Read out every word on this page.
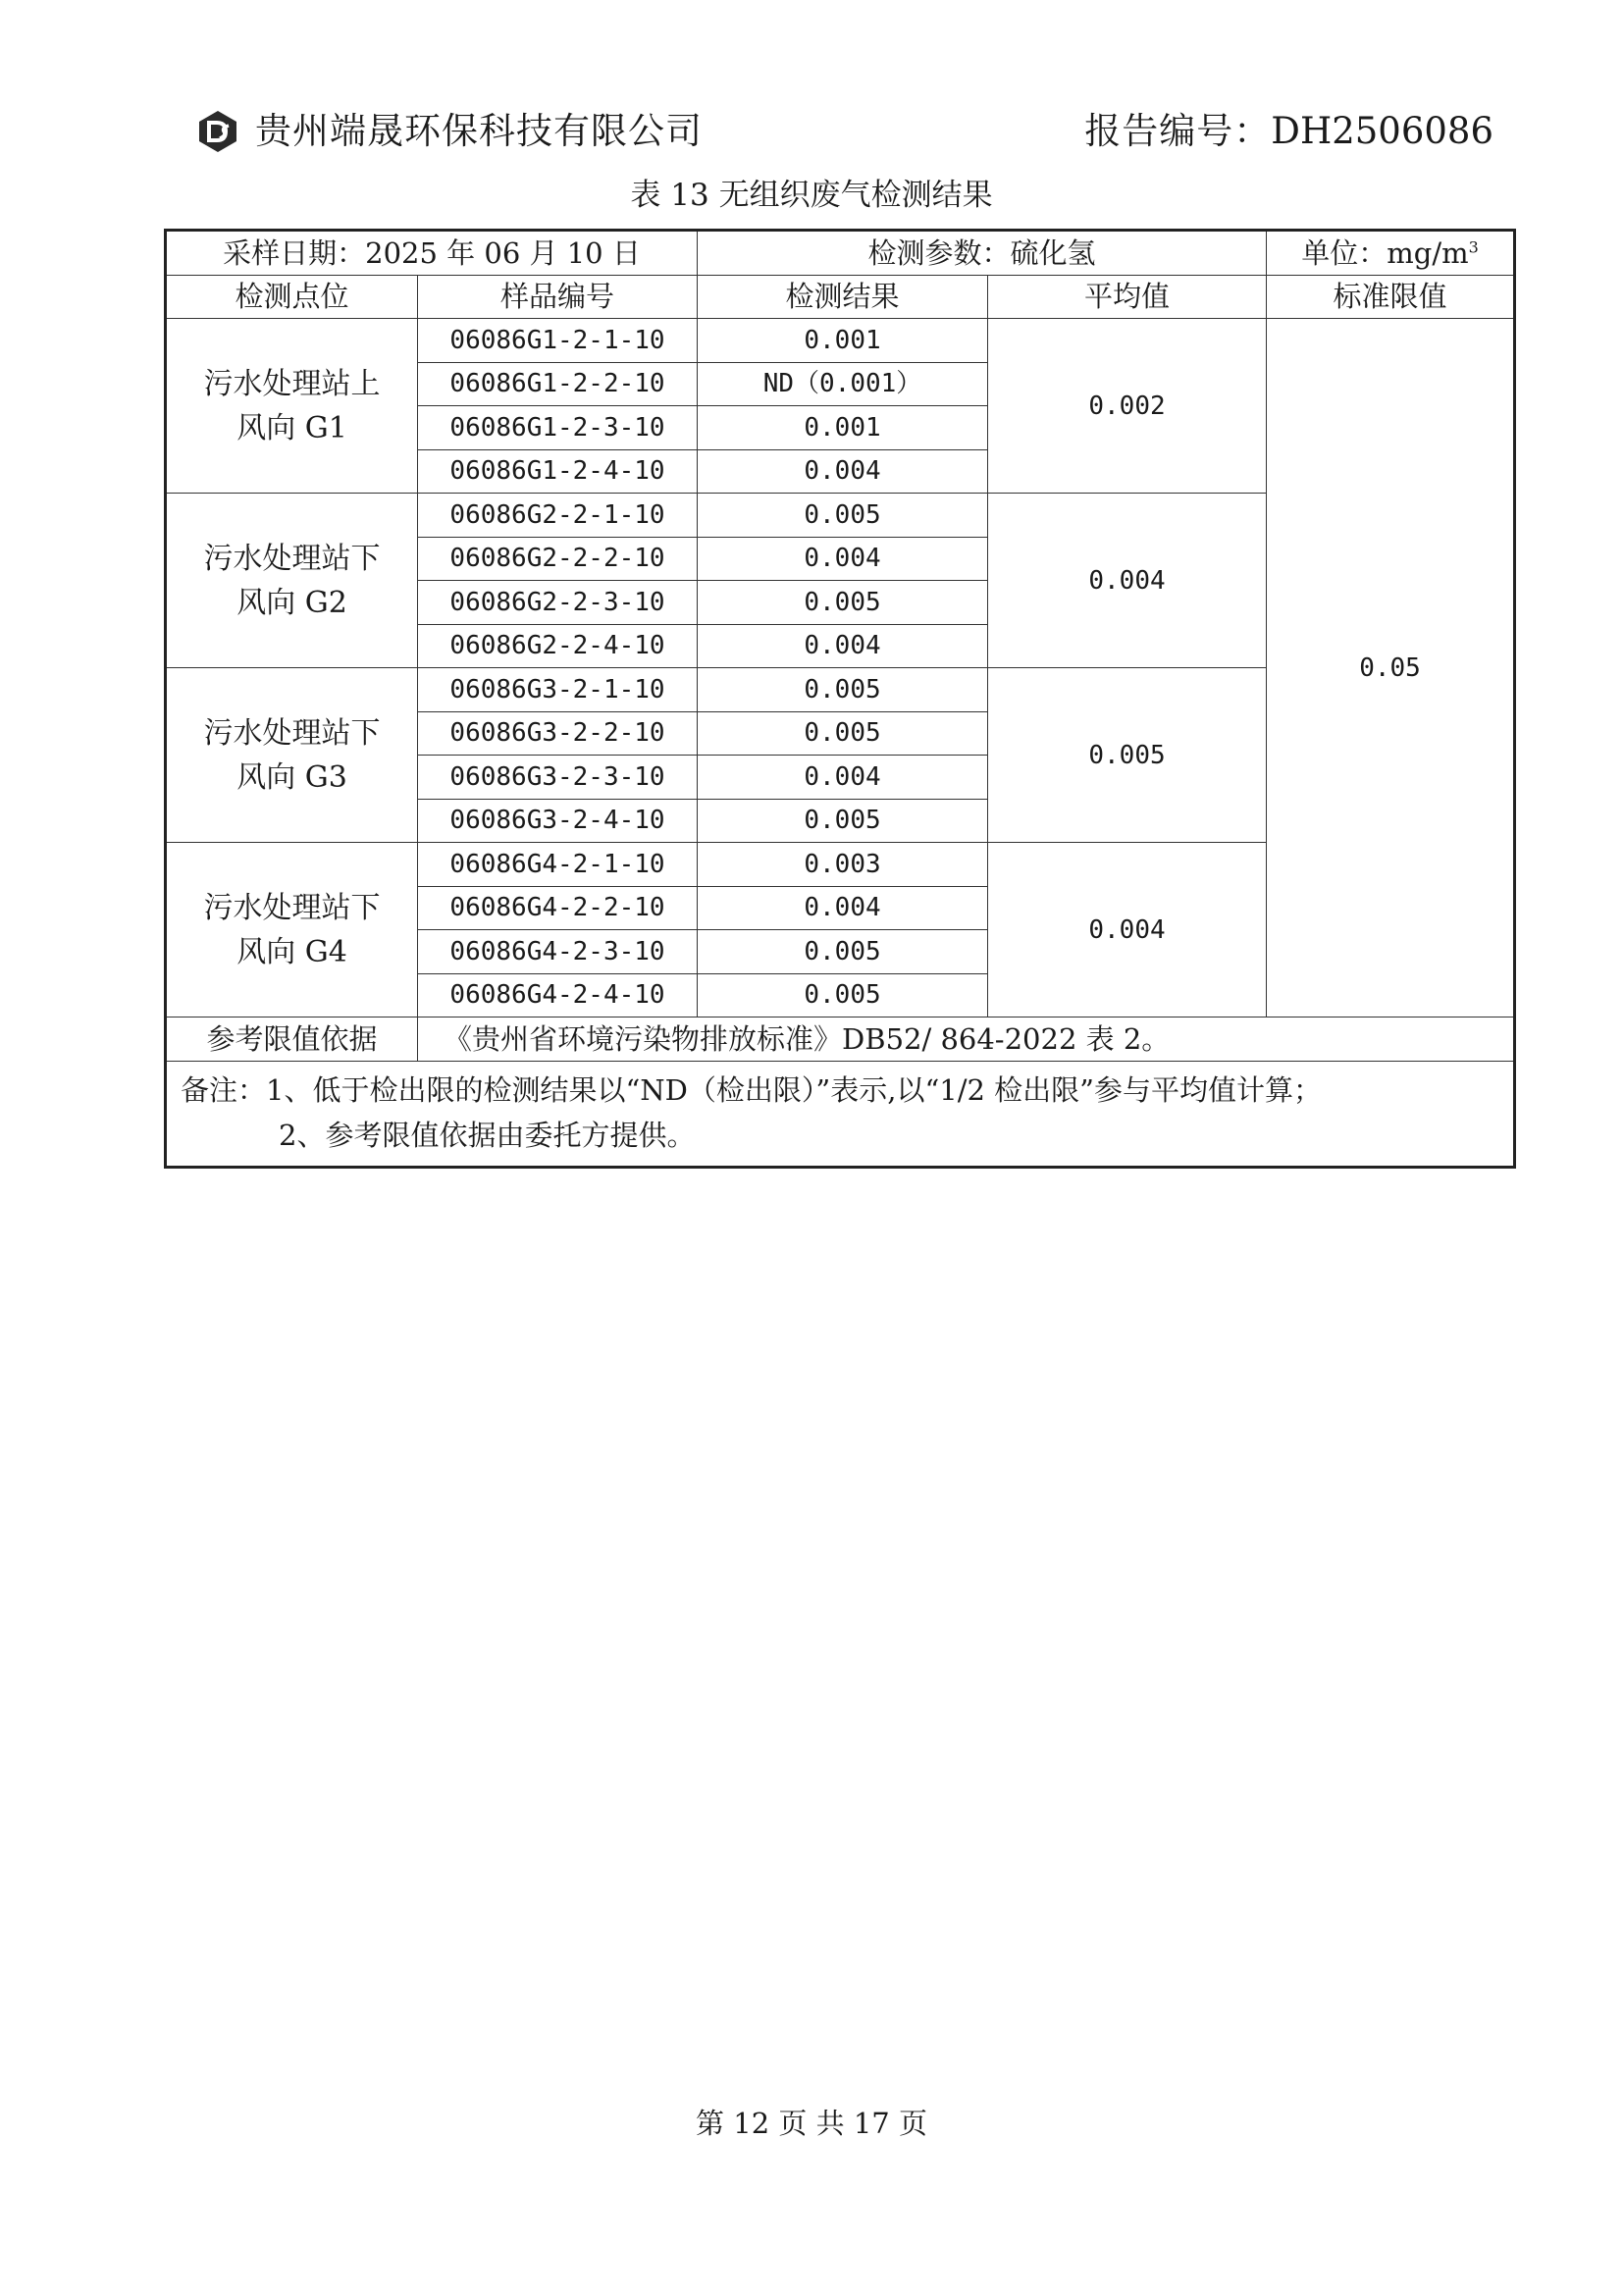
贵州端晟环保科技有限公司	报告编号：DH2506086
表 13 无组织废气检测结果
采样日期：2025 年 06 月 10 日		检测参数：硫化氢		单位：$mg/m^3$
检测点位	样品编号	检测结果	平均值	标准限值

污水处理站上
风向 G1	06086G1-2-1-10	0.001	0.002	0.05
	06086G1-2-2-10	ND（0.001）		
	06086G1-2-3-10	0.001		
	06086G1-2-4-10	0.004		

污水处理站下
风向 G2	06086G2-2-1-10	0.005	0.004	
	06086G2-2-2-10	0.004		
	06086G2-2-3-10	0.005		
	06086G2-2-4-10	0.004		

污水处理站下
风向 G3	06086G3-2-1-10	0.005	0.005	
	06086G3-2-2-10	0.005		
	06086G3-2-3-10	0.004		
	06086G3-2-4-10	0.005		

污水处理站下
风向 G4	06086G4-2-1-10	0.003	0.004	
	06086G4-2-2-10	0.004		
	06086G4-2-3-10	0.005		
	06086G4-2-4-10	0.005		
参考限值依据	《贵州省环境污染物排放标准》DB52/ 864-2022 表 2。			

备注：1、低于检出限的检测结果以“ND（检出限）”表示,以“1/2 检出限”参与平均值计算；
2、参考限值依据由委托方提供。				
第 12 页 共 17 页
